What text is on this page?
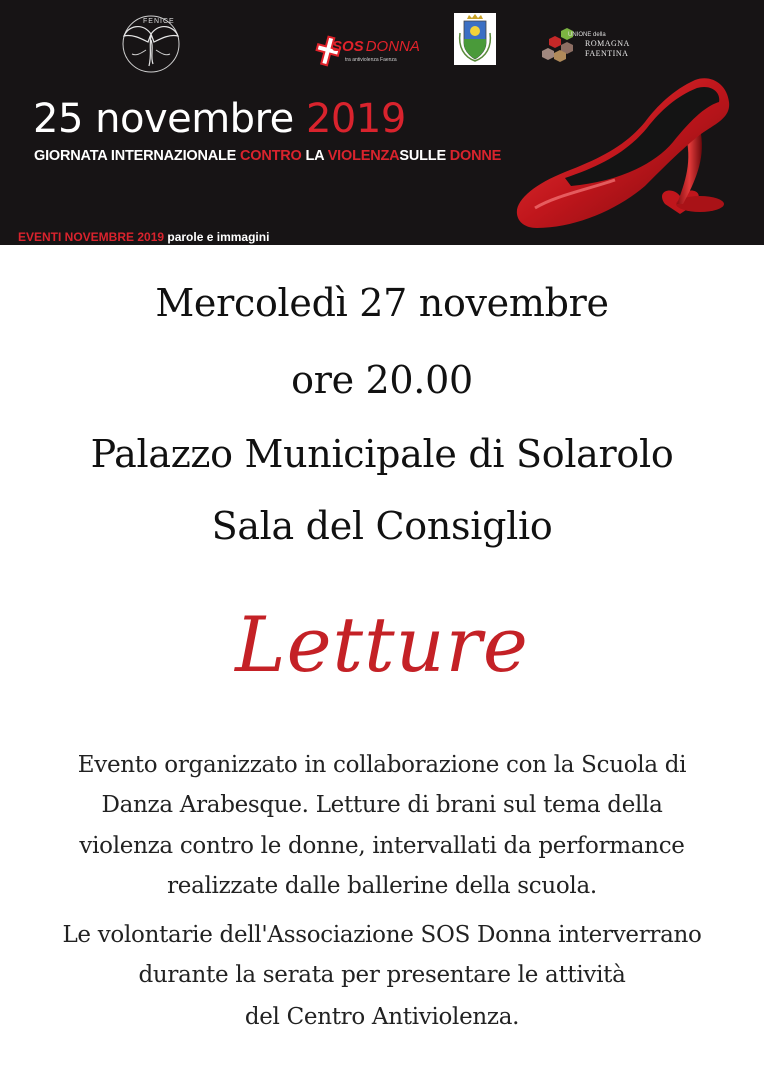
FENICE
SOS DONNA
tra antiviolenza Faenza
UNIONE della
ROMAGNA
FAENTINA
25 novembre 2019
GIORNATA INTERNAZIONALE CONTRO LA VIOLENZASULLE DONNE
EVENTI NOVEMBRE 2019 parole e immagini
Mercoledì 27 novembre
ore 20.00
Palazzo Municipale di Solarolo
Sala del Consiglio
Letture
Evento organizzato in collaborazione con la Scuola di
Danza Arabesque. Letture di brani sul tema della
violenza contro le donne, intervallati da performance
realizzate dalle ballerine della scuola.
Le volontarie dell'Associazione SOS Donna interverrano
durante la serata per presentare le attività
del Centro Antiviolenza.
